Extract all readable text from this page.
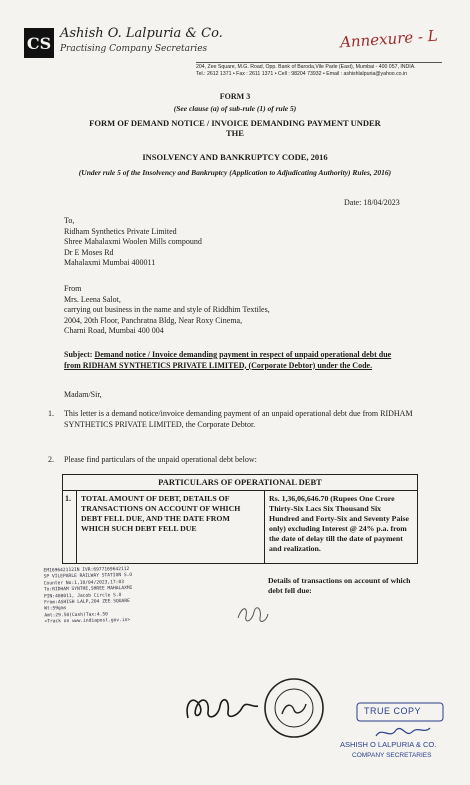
CS
Ashish O. Lalpuria & Co.
Practising Company Secretaries	Annexure - L
204, Zee Square, M.G. Road, Opp. Bank of Baroda,Vile Parle (East), Mumbai - 400 057, INDIA.
Tel.: 2612 1371 • Fax : 2611 1371 • Cell : 98204 73932 • Email : ashishlalpuria@yahoo.co.in
FORM 3
(See clause (a) of sub-rule (1) of rule 5)
FORM OF DEMAND NOTICE / INVOICE DEMANDING PAYMENT UNDER
THE
INSOLVENCY AND BANKRUPTCY CODE, 2016
(Under rule 5 of the Insolvency and Bankruptcy (Application to Adjudicating Authority) Rules, 2016)
Date: 18/04/2023
To,
Ridham Synthetics Private Limited
Shree Mahalaxmi Woolen Mills compound
Dr E Moses Rd
Mahalaxmi Mumbai 400011
From
Mrs. Leena Salot,
carrying out business in the name and style of Riddhim Textiles,
2004, 20th Floor, Panchratna Bldg, Near Roxy Cinema,
Charni Road, Mumbai 400 004
Subject: Demand notice / Invoice demanding payment in respect of unpaid operational debt due from RIDHAM SYNTHETICS PRIVATE LIMITED, (Corporate Debtor) under the Code.
Madam/Sir,
1. This letter is a demand notice/invoice demanding payment of an unpaid operational debt due from RIDHAM SYNTHETICS PRIVATE LIMITED, the Corporate Debtor.
2. Please find particulars of the unpaid operational debt below:
PARTICULARS OF OPERATIONAL DEBT
1.	TOTAL AMOUNT OF DEBT, DETAILS OF TRANSACTIONS ON ACCOUNT OF WHICH DEBT FELL DUE, AND THE DATE FROM WHICH SUCH DEBT FELL DUE
Rs. 1,36,06,646.70 (Rupees One Crore Thirty-Six Lacs Six Thousand Six Hundred and Forty-Six and Seventy Paise only) excluding Interest @ 24% p.a. from the date of delay till the date of payment and realization.
Details of transactions on account of which debt fell due:
EM169642112IN IVR:6977169642112
SP VILEPARLE RAILWAY STATION S.O
Counter No:1,18/04/2023,17:03
To:RIDHAM SYNTHE,SHREE MAHALAXMI
PIN:400011, Jacob Circle S.O
From:ASHISH LALP,204 ZEE SQUARE
Wt:59gms
Amt:29.50(Cash)Tax:4.50
<Track on www.indiapost.gov.in>
TRUE COPY
ASHISH O LALPURIA & CO.
COMPANY SECRETARIES
